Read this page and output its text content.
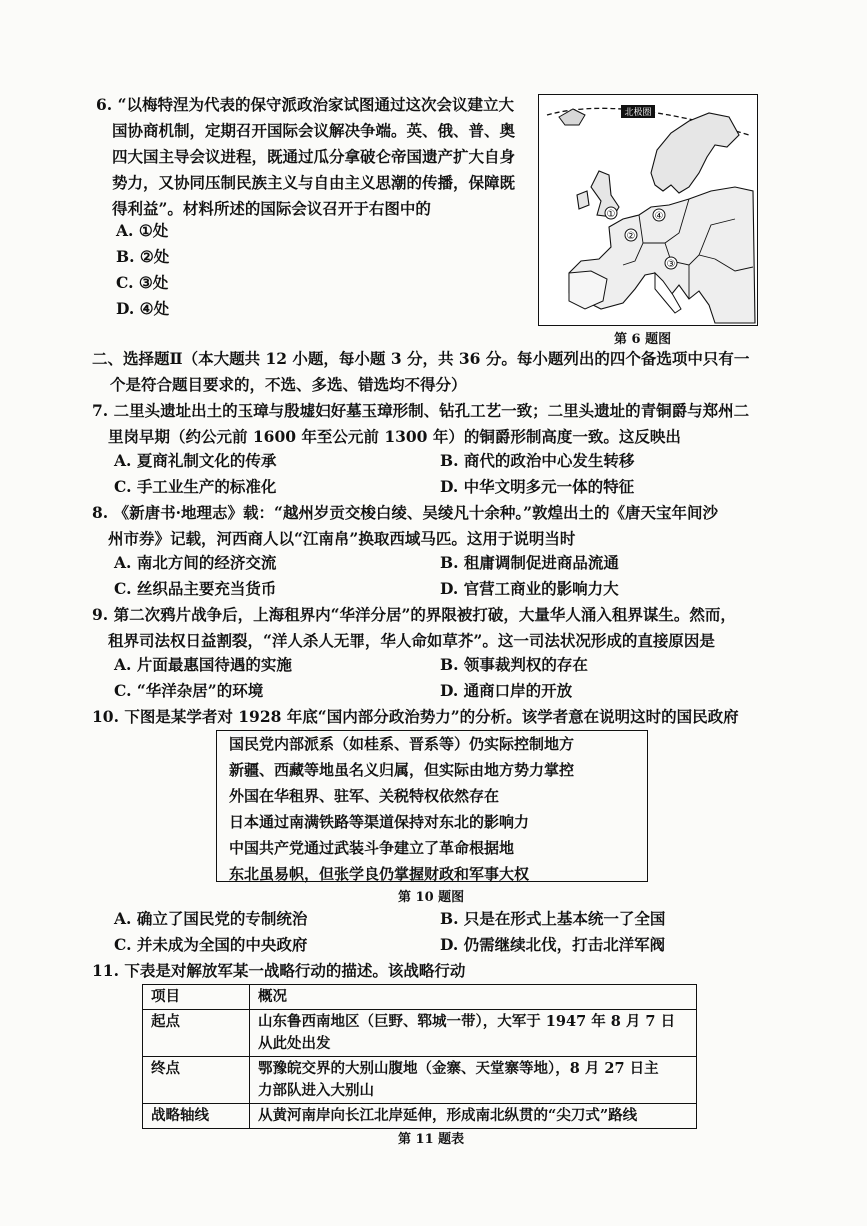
6. “以梅特涅为代表的保守派政治家试图通过这次会议建立大
国协商机制，定期召开国际会议解决争端。英、俄、普、奥
四大国主导会议进程，既通过瓜分拿破仑帝国遗产扩大自身
势力，又协同压制民族主义与自由主义思潮的传播，保障既
得利益”。材料所述的国际会议召开于右图中的
A. ①处
B. ②处
C. ③处
D. ④处
①
②
④
③
北极圈
第 6 题图
二、选择题Ⅱ（本大题共 12 小题，每小题 3 分，共 36 分。每小题列出的四个备选项中只有一
个是符合题目要求的，不选、多选、错选均不得分）
7. 二里头遗址出土的玉璋与殷墟妇好墓玉璋形制、钻孔工艺一致；二里头遗址的青铜爵与郑州二
里岗早期（约公元前 1600 年至公元前 1300 年）的铜爵形制高度一致。这反映出
A. 夏商礼制文化的传承	B. 商代的政治中心发生转移
C. 手工业生产的标准化	D. 中华文明多元一体的特征
8. 《新唐书·地理志》载：“越州岁贡交梭白绫、吴绫凡十余种。”敦煌出土的《唐天宝年间沙
州市券》记载，河西商人以“江南帛”换取西域马匹。这用于说明当时
A. 南北方间的经济交流	B. 租庸调制促进商品流通
C. 丝织品主要充当货币	D. 官营工商业的影响力大
9. 第二次鸦片战争后，上海租界内“华洋分居”的界限被打破，大量华人涌入租界谋生。然而，
租界司法权日益割裂，“洋人杀人无罪，华人命如草芥”。这一司法状况形成的直接原因是
A. 片面最惠国待遇的实施	B. 领事裁判权的存在
C. “华洋杂居”的环境	D. 通商口岸的开放
10. 下图是某学者对 1928 年底“国内部分政治势力”的分析。该学者意在说明这时的国民政府
国民党内部派系（如桂系、晋系等）仍实际控制地方
新疆、西藏等地虽名义归属，但实际由地方势力掌控
外国在华租界、驻军、关税特权依然存在
日本通过南满铁路等渠道保持对东北的影响力
中国共产党通过武装斗争建立了革命根据地
东北虽易帜，但张学良仍掌握财政和军事大权
第 10 题图
A. 确立了国民党的专制统治	B. 只是在形式上基本统一了全国
C. 并未成为全国的中央政府	D. 仍需继续北伐，打击北洋军阀
11. 下表是对解放军某一战略行动的描述。该战略行动
项目	概况
起点	山东鲁西南地区（巨野、郓城一带），大军于 1947 年 8 月 7 日
从此处出发

终点	鄂豫皖交界的大别山腹地（金寨、天堂寨等地），8 月 27 日主
力部队进入大别山

战略轴线	从黄河南岸向长江北岸延伸，形成南北纵贯的“尖刀式”路线
第 11 题表
